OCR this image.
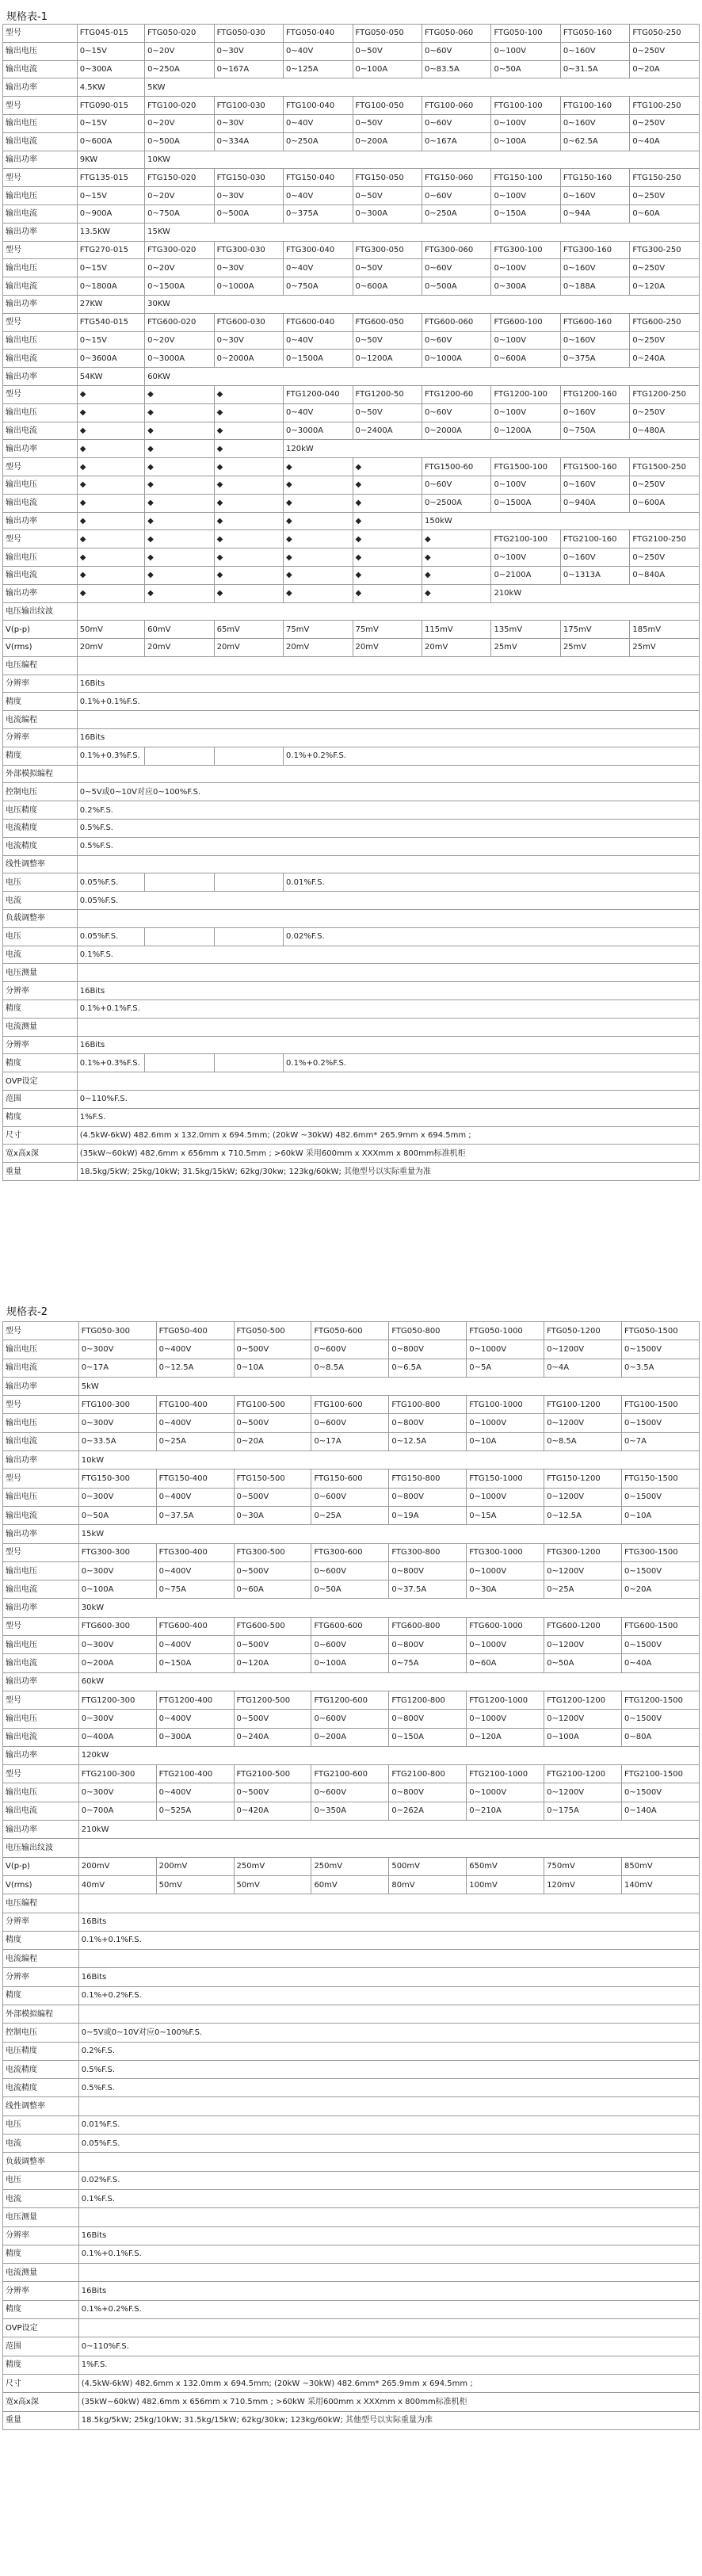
规格表-1
型号	FTG045-015	FTG050-020	FTG050-030	FTG050-040	FTG050-050	FTG050-060	FTG050-100	FTG050-160	FTG050-250
输出电压	0~15V	0~20V	0~30V	0~40V	0~50V	0~60V	0~100V	0~160V	0~250V
输出电流	0~300A	0~250A	0~167A	0~125A	0~100A	0~83.5A	0~50A	0~31.5A	0~20A
输出功率	4.5KW	5KW							
型号	FTG090-015	FTG100-020	FTG100-030	FTG100-040	FTG100-050	FTG100-060	FTG100-100	FTG100-160	FTG100-250
输出电压	0~15V	0~20V	0~30V	0~40V	0~50V	0~60V	0~100V	0~160V	0~250V
输出电流	0~600A	0~500A	0~334A	0~250A	0~200A	0~167A	0~100A	0~62.5A	0~40A
输出功率	9KW	10KW							
型号	FTG135-015	FTG150-020	FTG150-030	FTG150-040	FTG150-050	FTG150-060	FTG150-100	FTG150-160	FTG150-250
输出电压	0~15V	0~20V	0~30V	0~40V	0~50V	0~60V	0~100V	0~160V	0~250V
输出电流	0~900A	0~750A	0~500A	0~375A	0~300A	0~250A	0~150A	0~94A	0~60A
输出功率	13.5KW	15KW							
型号	FTG270-015	FTG300-020	FTG300-030	FTG300-040	FTG300-050	FTG300-060	FTG300-100	FTG300-160	FTG300-250
输出电压	0~15V	0~20V	0~30V	0~40V	0~50V	0~60V	0~100V	0~160V	0~250V
输出电流	0~1800A	0~1500A	0~1000A	0~750A	0~600A	0~500A	0~300A	0~188A	0~120A
输出功率	27KW	30KW							
型号	FTG540-015	FTG600-020	FTG600-030	FTG600-040	FTG600-050	FTG600-060	FTG600-100	FTG600-160	FTG600-250
输出电压	0~15V	0~20V	0~30V	0~40V	0~50V	0~60V	0~100V	0~160V	0~250V
输出电流	0~3600A	0~3000A	0~2000A	0~1500A	0~1200A	0~1000A	0~600A	0~375A	0~240A
输出功率	54KW	60KW							
型号	◆	◆	◆	FTG1200-040	FTG1200-50	FTG1200-60	FTG1200-100	FTG1200-160	FTG1200-250
输出电压	◆	◆	◆	0~40V	0~50V	0~60V	0~100V	0~160V	0~250V
输出电流	◆	◆	◆	0~3000A	0~2400A	0~2000A	0~1200A	0~750A	0~480A
输出功率	◆	◆	◆	120kW					
型号	◆	◆	◆	◆	◆	FTG1500-60	FTG1500-100	FTG1500-160	FTG1500-250
输出电压	◆	◆	◆	◆	◆	0~60V	0~100V	0~160V	0~250V
输出电流	◆	◆	◆	◆	◆	0~2500A	0~1500A	0~940A	0~600A
输出功率	◆	◆	◆	◆	◆	150kW			
型号	◆	◆	◆	◆	◆	◆	FTG2100-100	FTG2100-160	FTG2100-250
输出电压	◆	◆	◆	◆	◆	◆	0~100V	0~160V	0~250V
输出电流	◆	◆	◆	◆	◆	◆	0~2100A	0~1313A	0~840A
输出功率	◆	◆	◆	◆	◆	◆	210kW		
电压输出纹波									
V(p-p)	50mV	60mV	65mV	75mV	75mV	115mV	135mV	175mV	185mV
V(rms)	20mV	20mV	20mV	20mV	20mV	20mV	25mV	25mV	25mV
电压编程									
分辨率	16Bits								
精度	0.1%+0.1%F.S.								
电流编程									
分辨率	16Bits								
精度	0.1%+0.3%F.S.			0.1%+0.2%F.S.					
外部模拟编程									
控制电压	0~5V或0~10V对应0~100%F.S.								
电压精度	0.2%F.S.								
电流精度	0.5%F.S.								
电流精度	0.5%F.S.								
线性调整率									
电压	0.05%F.S.			0.01%F.S.					
电流	0.05%F.S.								
负载调整率									
电压	0.05%F.S.			0.02%F.S.					
电流	0.1%F.S.								
电压测量									
分辨率	16Bits								
精度	0.1%+0.1%F.S.								
电流测量									
分辨率	16Bits								
精度	0.1%+0.3%F.S.			0.1%+0.2%F.S.					
OVP设定									
范围	0~110%F.S.								
精度	1%F.S.								
尺寸	(4.5kW-6kW) 482.6mm x 132.0mm x 694.5mm; (20kW ~30kW) 482.6mm* 265.9mm x 694.5mm ;								
宽x高x深	(35kW~60kW) 482.6mm x 656mm x 710.5mm ; >60kW 采用600mm x XXXmm x 800mm标准机柜								
重量	18.5kg/5kW; 25kg/10kW; 31.5kg/15kW; 62kg/30kw; 123kg/60kW; 其他型号以实际重量为准								
规格表-2
型号	FTG050-300	FTG050-400	FTG050-500	FTG050-600	FTG050-800	FTG050-1000	FTG050-1200	FTG050-1500
输出电压	0~300V	0~400V	0~500V	0~600V	0~800V	0~1000V	0~1200V	0~1500V
输出电流	0~17A	0~12.5A	0~10A	0~8.5A	0~6.5A	0~5A	0~4A	0~3.5A
输出功率	5kW							
型号	FTG100-300	FTG100-400	FTG100-500	FTG100-600	FTG100-800	FTG100-1000	FTG100-1200	FTG100-1500
输出电压	0~300V	0~400V	0~500V	0~600V	0~800V	0~1000V	0~1200V	0~1500V
输出电流	0~33.5A	0~25A	0~20A	0~17A	0~12.5A	0~10A	0~8.5A	0~7A
输出功率	10kW							
型号	FTG150-300	FTG150-400	FTG150-500	FTG150-600	FTG150-800	FTG150-1000	FTG150-1200	FTG150-1500
输出电压	0~300V	0~400V	0~500V	0~600V	0~800V	0~1000V	0~1200V	0~1500V
输出电流	0~50A	0~37.5A	0~30A	0~25A	0~19A	0~15A	0~12.5A	0~10A
输出功率	15kW							
型号	FTG300-300	FTG300-400	FTG300-500	FTG300-600	FTG300-800	FTG300-1000	FTG300-1200	FTG300-1500
输出电压	0~300V	0~400V	0~500V	0~600V	0~800V	0~1000V	0~1200V	0~1500V
输出电流	0~100A	0~75A	0~60A	0~50A	0~37.5A	0~30A	0~25A	0~20A
输出功率	30kW							
型号	FTG600-300	FTG600-400	FTG600-500	FTG600-600	FTG600-800	FTG600-1000	FTG600-1200	FTG600-1500
输出电压	0~300V	0~400V	0~500V	0~600V	0~800V	0~1000V	0~1200V	0~1500V
输出电流	0~200A	0~150A	0~120A	0~100A	0~75A	0~60A	0~50A	0~40A
输出功率	60kW							
型号	FTG1200-300	FTG1200-400	FTG1200-500	FTG1200-600	FTG1200-800	FTG1200-1000	FTG1200-1200	FTG1200-1500
输出电压	0~300V	0~400V	0~500V	0~600V	0~800V	0~1000V	0~1200V	0~1500V
输出电流	0~400A	0~300A	0~240A	0~200A	0~150A	0~120A	0~100A	0~80A
输出功率	120kW							
型号	FTG2100-300	FTG2100-400	FTG2100-500	FTG2100-600	FTG2100-800	FTG2100-1000	FTG2100-1200	FTG2100-1500
输出电压	0~300V	0~400V	0~500V	0~600V	0~800V	0~1000V	0~1200V	0~1500V
输出电流	0~700A	0~525A	0~420A	0~350A	0~262A	0~210A	0~175A	0~140A
输出功率	210kW							
电压输出纹波								
V(p-p)	200mV	200mV	250mV	250mV	500mV	650mV	750mV	850mV
V(rms)	40mV	50mV	50mV	60mV	80mV	100mV	120mV	140mV
电压编程								
分辨率	16Bits							
精度	0.1%+0.1%F.S.							
电流编程								
分辨率	16Bits							
精度	0.1%+0.2%F.S.							
外部模拟编程								
控制电压	0~5V或0~10V对应0~100%F.S.							
电压精度	0.2%F.S.							
电流精度	0.5%F.S.							
电流精度	0.5%F.S.							
线性调整率								
电压	0.01%F.S.							
电流	0.05%F.S.							
负载调整率								
电压	0.02%F.S.							
电流	0.1%F.S.							
电压测量								
分辨率	16Bits							
精度	0.1%+0.1%F.S.							
电流测量								
分辨率	16Bits							
精度	0.1%+0.2%F.S.							
OVP设定								
范围	0~110%F.S.							
精度	1%F.S.							
尺寸	(4.5kW-6kW) 482.6mm x 132.0mm x 694.5mm; (20kW ~30kW) 482.6mm* 265.9mm x 694.5mm ;							
宽x高x深	(35kW~60kW) 482.6mm x 656mm x 710.5mm ; >60kW 采用600mm x XXXmm x 800mm标准机柜							
重量	18.5kg/5kW; 25kg/10kW; 31.5kg/15kW; 62kg/30kw; 123kg/60kW; 其他型号以实际重量为准							
